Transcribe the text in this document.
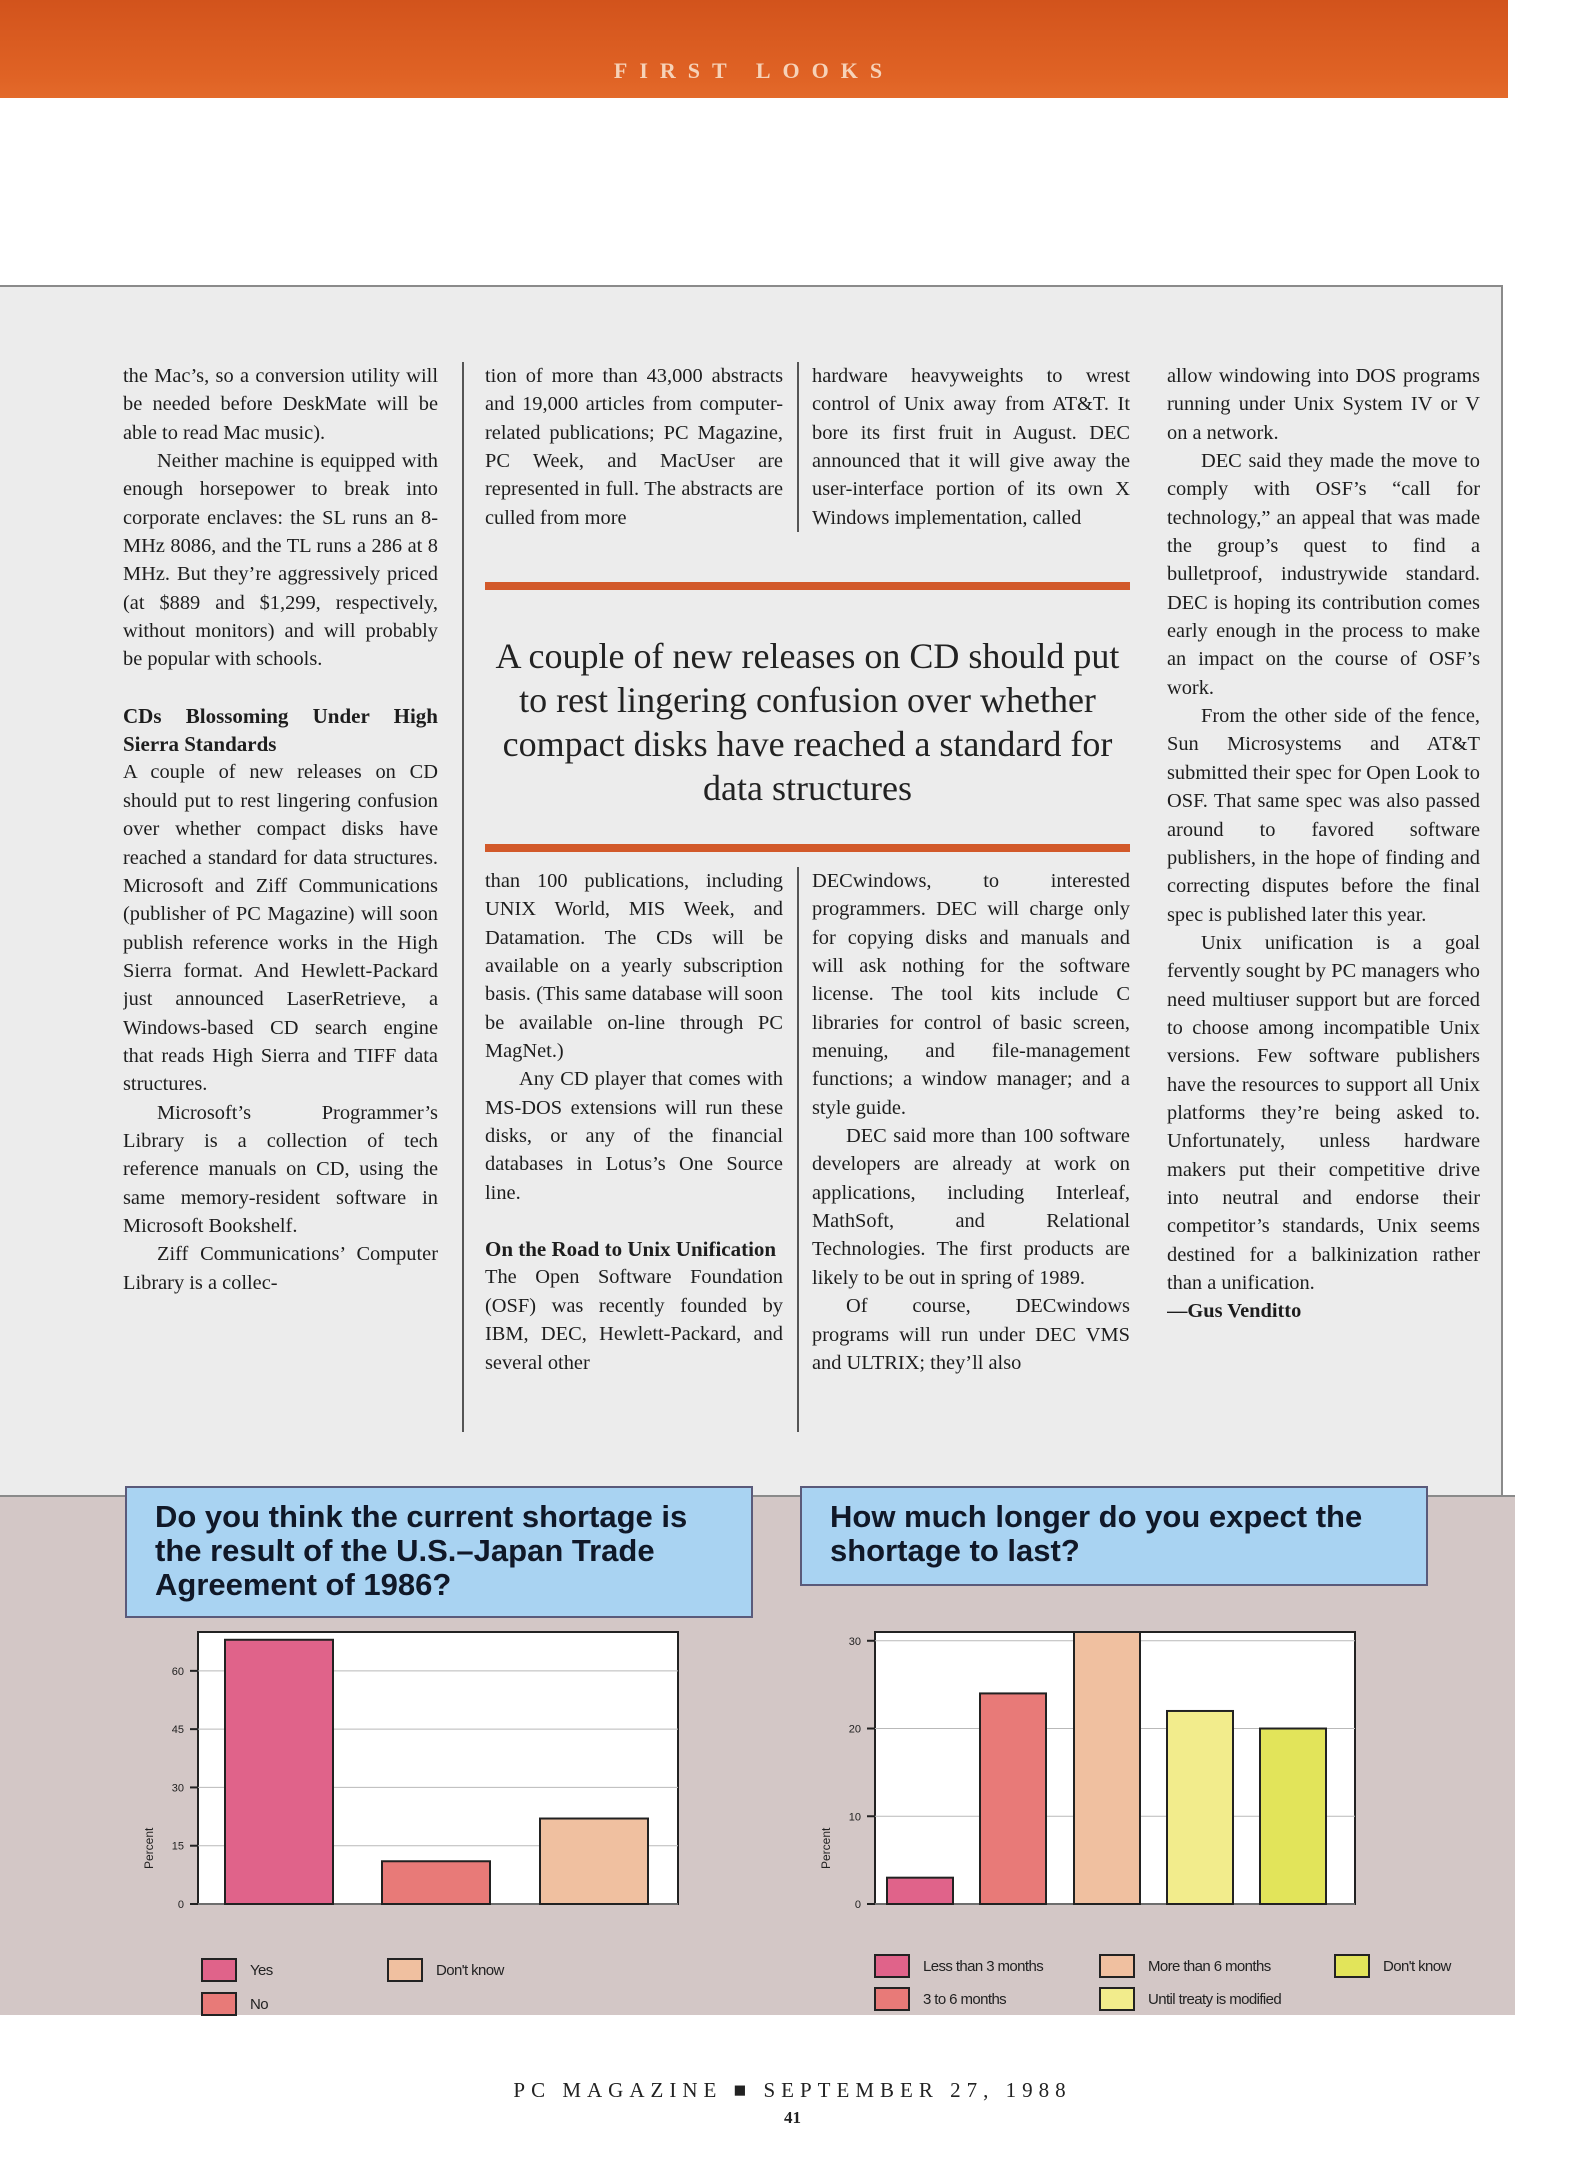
FIRST LOOKS

the Mac’s, so a conversion utility will be needed before DeskMate will be able to read Mac music).

Neither machine is equipped with enough horsepower to break into corporate enclaves: the SL runs an 8-MHz 8086, and the TL runs a 286 at 8 MHz. But they’re aggressively priced (at $889 and $1,299, respectively, without monitors) and will probably be popular with schools.

CDs Blossoming Under High Sierra Standards

A couple of new releases on CD should put to rest lingering confusion over whether compact disks have reached a standard for data structures. Microsoft and Ziff Communications (publisher of PC Magazine) will soon publish reference works in the High Sierra format. And Hewlett-Packard just announced LaserRetrieve, a Windows-based CD search engine that reads High Sierra and TIFF data structures.

Microsoft’s Programmer’s Library is a collection of tech reference manuals on CD, using the same memory-resident software in Microsoft Bookshelf.

Ziff Communications’ Computer Library is a collec-

tion of more than 43,000 abstracts and 19,000 articles from computer-related publications; PC Magazine, PC Week, and MacUser are represented in full. The abstracts are culled from more

hardware heavyweights to wrest control of Unix away from AT&T. It bore its first fruit in August. DEC announced that it will give away the user-interface portion of its own X Windows implementation, called

A couple of new releases on CD should put to rest lingering confusion over whether compact disks have reached a standard for data structures

than 100 publications, including UNIX World, MIS Week, and Datamation. The CDs will be available on a yearly subscription basis. (This same database will soon be available on-line through PC MagNet.)

Any CD player that comes with MS-DOS extensions will run these disks, or any of the financial databases in Lotus’s One Source line.

On the Road to Unix Unification

The Open Software Foundation (OSF) was recently founded by IBM, DEC, Hewlett-Packard, and several other

DECwindows, to interested programmers. DEC will charge only for copying disks and manuals and will ask nothing for the software license. The tool kits include C libraries for control of basic screen, menuing, and file-management functions; a window manager; and a style guide.

DEC said more than 100 software developers are already at work on applications, including Interleaf, MathSoft, and Relational Technologies. The first products are likely to be out in spring of 1989.

Of course, DECwindows programs will run under DEC VMS and ULTRIX; they’ll also

allow windowing into DOS programs running under Unix System IV or V on a network.

DEC said they made the move to comply with OSF’s “call for technology,” an appeal that was made the group’s quest to find a bulletproof, industrywide standard. DEC is hoping its contribution comes early enough in the process to make an impact on the course of OSF’s work.

From the other side of the fence, Sun Microsystems and AT&T submitted their spec for Open Look to OSF. That same spec was also passed around to favored software publishers, in the hope of finding and correcting disputes before the final spec is published later this year.

Unix unification is a goal fervently sought by PC managers who need multiuser support but are forced to choose among incompatible Unix versions. Few software publishers have the resources to support all Unix platforms they’re being asked to. Unfortunately, unless hardware makers put their competitive drive into neutral and endorse their competitor’s standards, Unix seems destined for a balkinization rather than a unification.

—Gus Venditto

Do you think the current shortage is the result of the U.S.–Japan Trade Agreement of 1986?
How much longer do you expect the shortage to last?
0
15
30
45
60
Percent
Yes
No
Don't know
0
10
20
30
Percent
Less than 3 months
3 to 6 months
More than 6 months
Until treaty is modified
Don't know
PC MAGAZINE ■ SEPTEMBER 27, 1988
41
